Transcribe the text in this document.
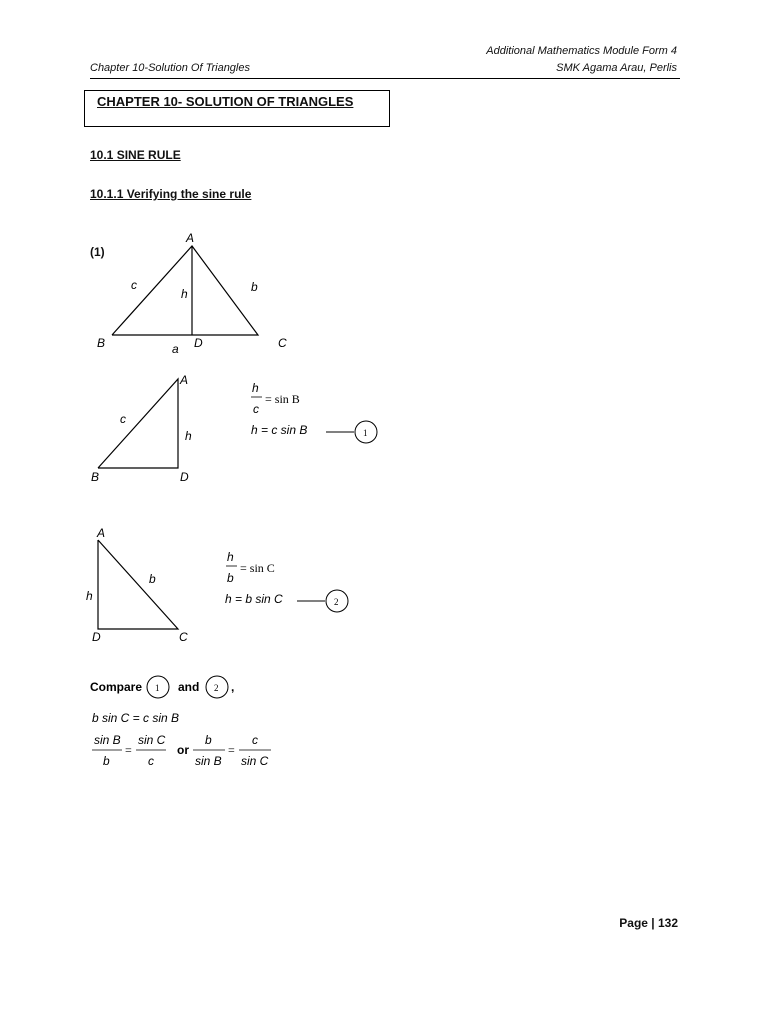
Additional Mathematics Module Form 4
SMK Agama Arau, Perlis
Chapter 10-Solution Of Triangles
CHAPTER 10- SOLUTION OF TRIANGLES
10.1 SINE RULE
10.1.1 Verifying the sine rule
(1)
A
B	C
D
a
b
c
h
A
B	D
c
h
h
c
= sin B
h = c sin B	1
A
D	C
b
h
h
b
= sin C
h = b sin C	2
Compare 1 and 2 ,
b sin C = c sin B
sin B
b
=
sin C
c
or
b
sin B
=
c
sin C
Page | 132
